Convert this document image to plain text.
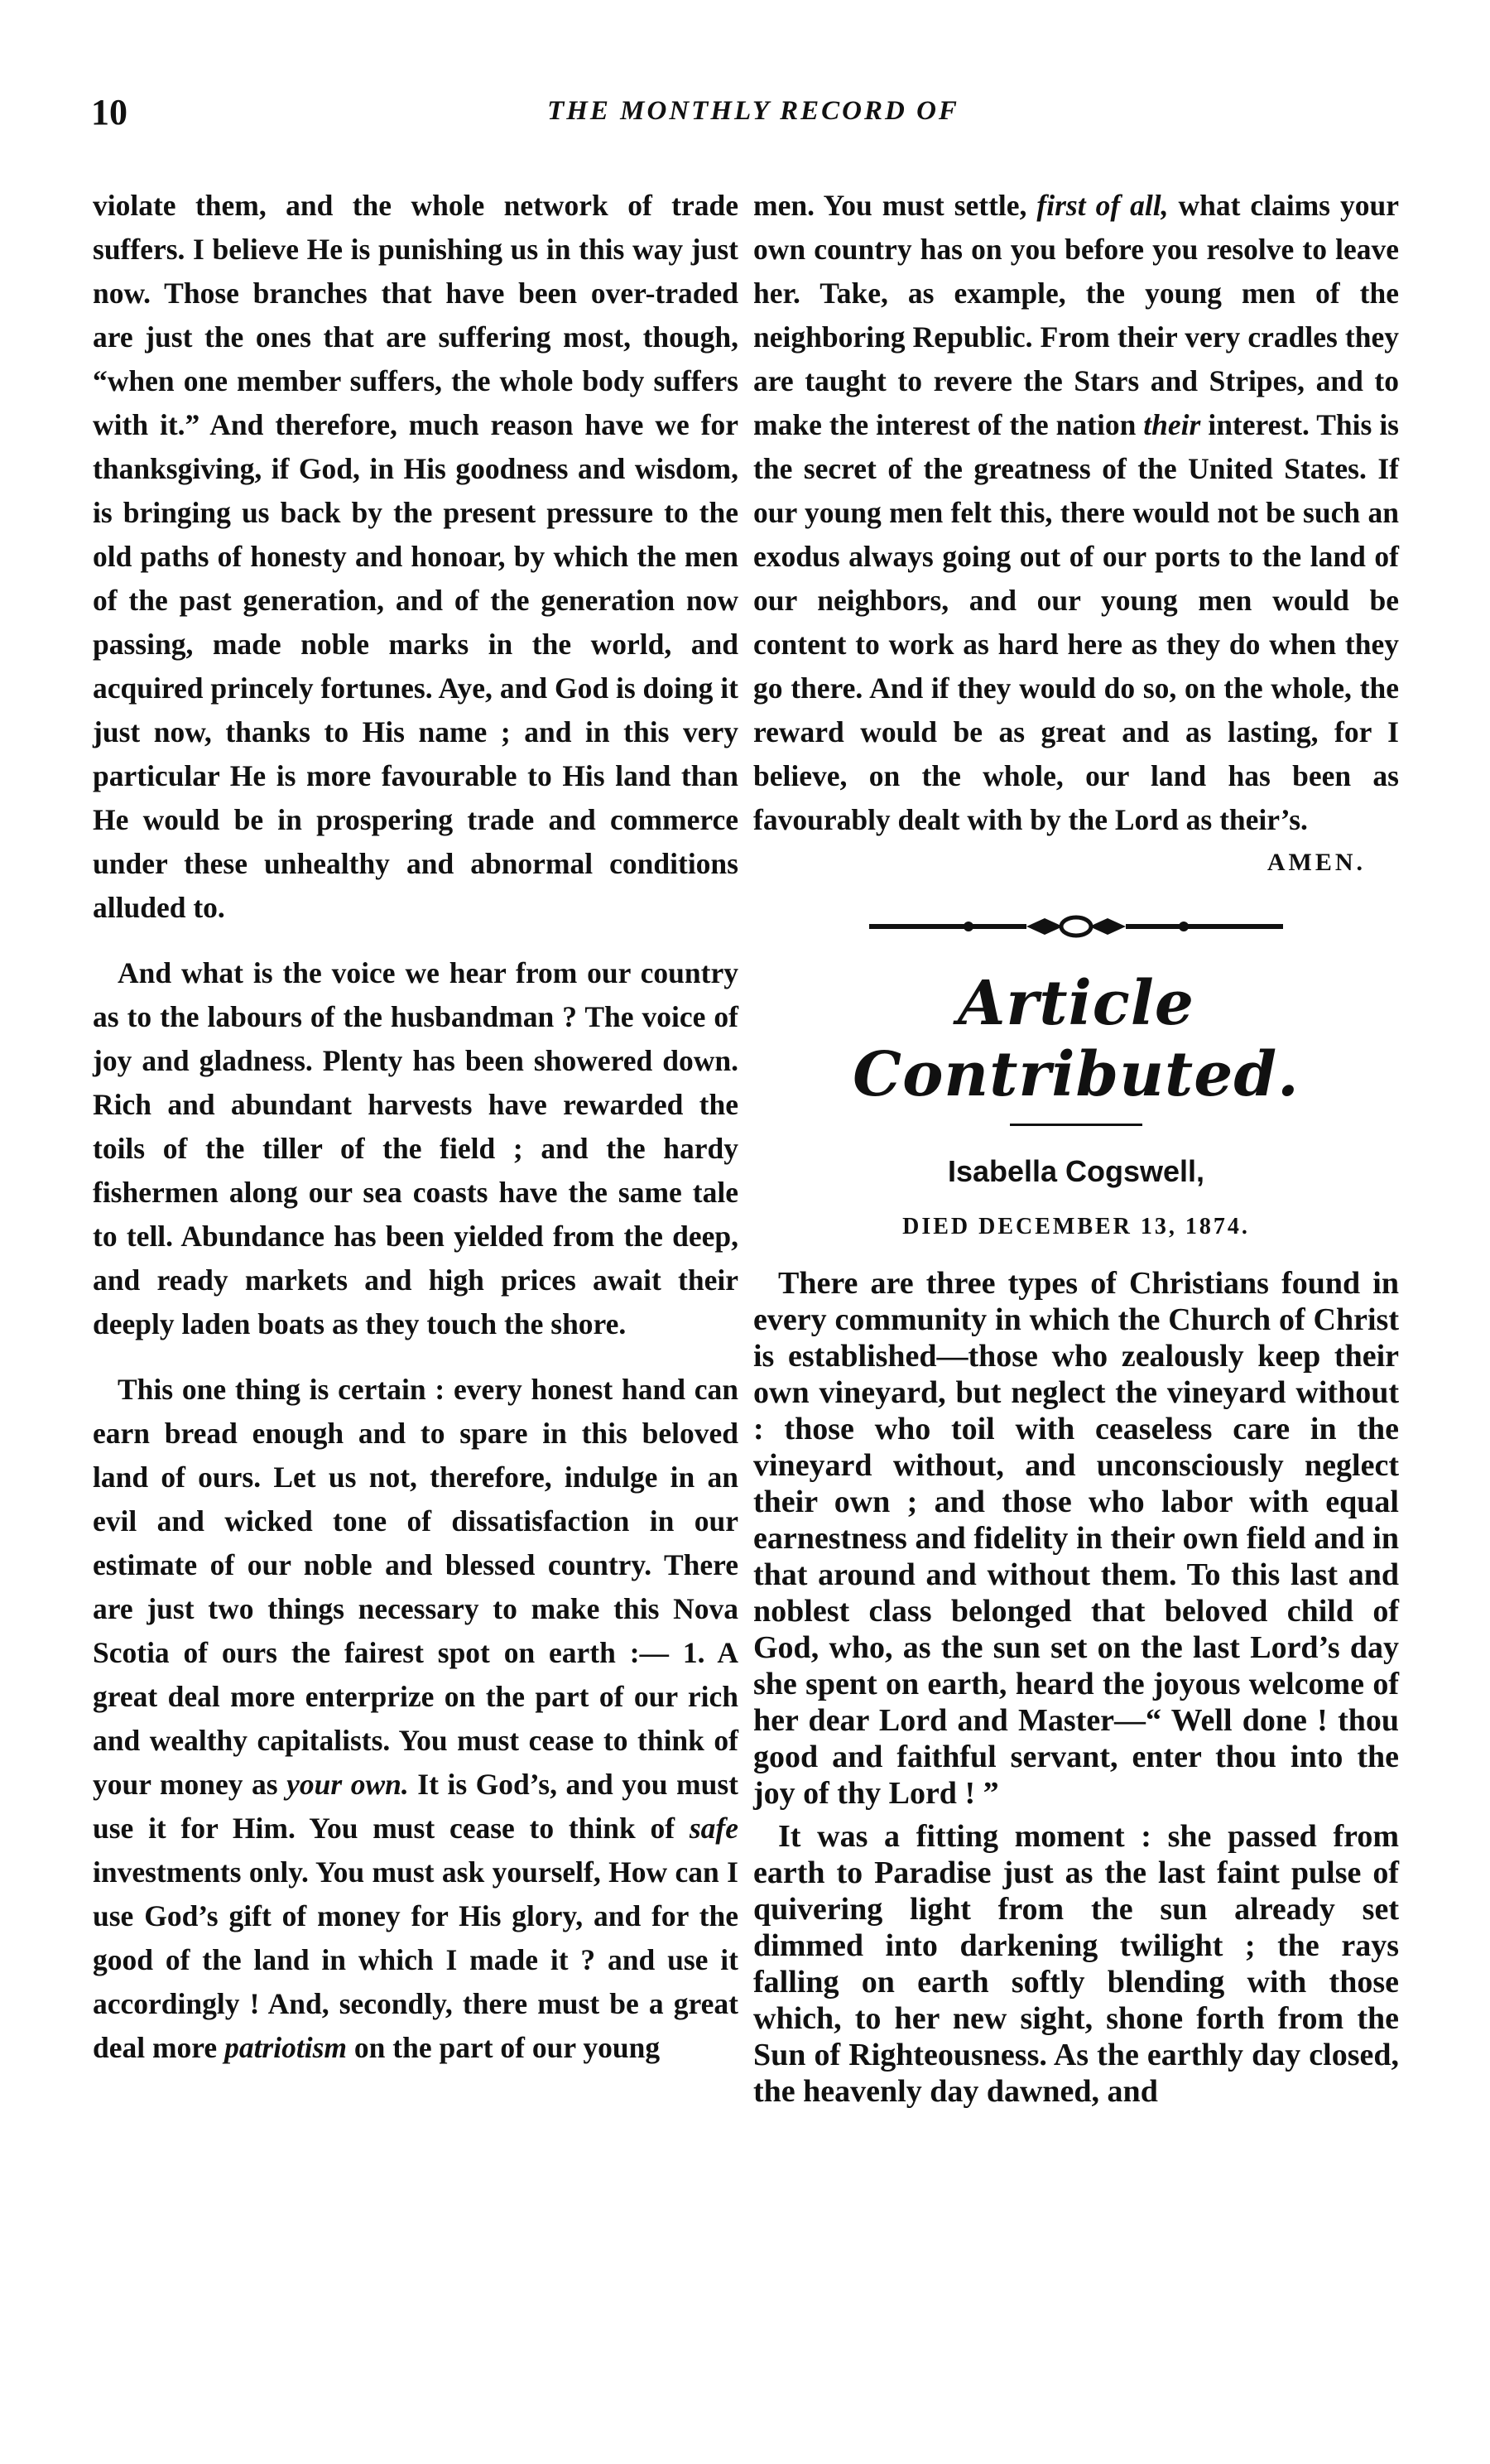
10	THE MONTHLY RECORD OF

violate them, and the whole network of trade suffers. I believe He is punishing us in this way just now. Those branches that have been over-traded are just the ones that are suffering most, though, “when one member suffers, the whole body suffers with it.” And therefore, much reason have we for thanksgiving, if God, in His goodness and wisdom, is bringing us back by the present pressure to the old paths of honesty and honoar, by which the men of the past generation, and of the generation now passing, made noble marks in the world, and acquired princely fortunes. Aye, and God is doing it just now, thanks to His name ; and in this very particular He is more favourable to His land than He would be in prospering trade and commerce under these unhealthy and abnormal conditions alluded to.

And what is the voice we hear from our country as to the labours of the husbandman ? The voice of joy and gladness. Plenty has been showered down. Rich and abundant harvests have rewarded the toils of the tiller of the field ; and the hardy fishermen along our sea coasts have the same tale to tell. Abundance has been yielded from the deep, and ready markets and high prices await their deeply laden boats as they touch the shore.

This one thing is certain : every honest hand can earn bread enough and to spare in this beloved land of ours. Let us not, therefore, indulge in an evil and wicked tone of dissatisfaction in our estimate of our noble and blessed country. There are just two things necessary to make this Nova Scotia of ours the fairest spot on earth :— 1. A great deal more enterprize on the part of our rich and wealthy capitalists. You must cease to think of your money as your own. It is God’s, and you must use it for Him. You must cease to think of safe investments only. You must ask yourself, How can I use God’s gift of money for His glory, and for the good of the land in which I made it ? and use it accordingly ! And, secondly, there must be a great deal more patriotism on the part of our young

men. You must settle, first of all, what claims your own country has on you before you resolve to leave her. Take, as example, the young men of the neighboring Republic. From their very cradles they are taught to revere the Stars and Stripes, and to make the interest of the nation their interest. This is the secret of the greatness of the United States. If our young men felt this, there would not be such an exodus always going out of our ports to the land of our neighbors, and our young men would be content to work as hard here as they do when they go there. And if they would do so, on the whole, the reward would be as great and as lasting, for I believe, on the whole, our land has been as favourably dealt with by the Lord as their’s.

AMEN.
Article Contributed.
Isabella Cogswell,
DIED DECEMBER 13, 1874.

There are three types of Christians found in every community in which the Church of Christ is established—those who zealously keep their own vineyard, but neglect the vineyard without : those who toil with ceaseless care in the vineyard without, and unconsciously neglect their own ; and those who labor with equal earnestness and fidelity in their own field and in that around and without them. To this last and noblest class belonged that beloved child of God, who, as the sun set on the last Lord’s day she spent on earth, heard the joyous welcome of her dear Lord and Master—“ Well done ! thou good and faithful servant, enter thou into the joy of thy Lord ! ”

It was a fitting moment : she passed from earth to Paradise just as the last faint pulse of quivering light from the sun already set dimmed into darkening twilight ; the rays falling on earth softly blending with those which, to her new sight, shone forth from the Sun of Righteousness. As the earthly day closed, the heavenly day dawned, and
